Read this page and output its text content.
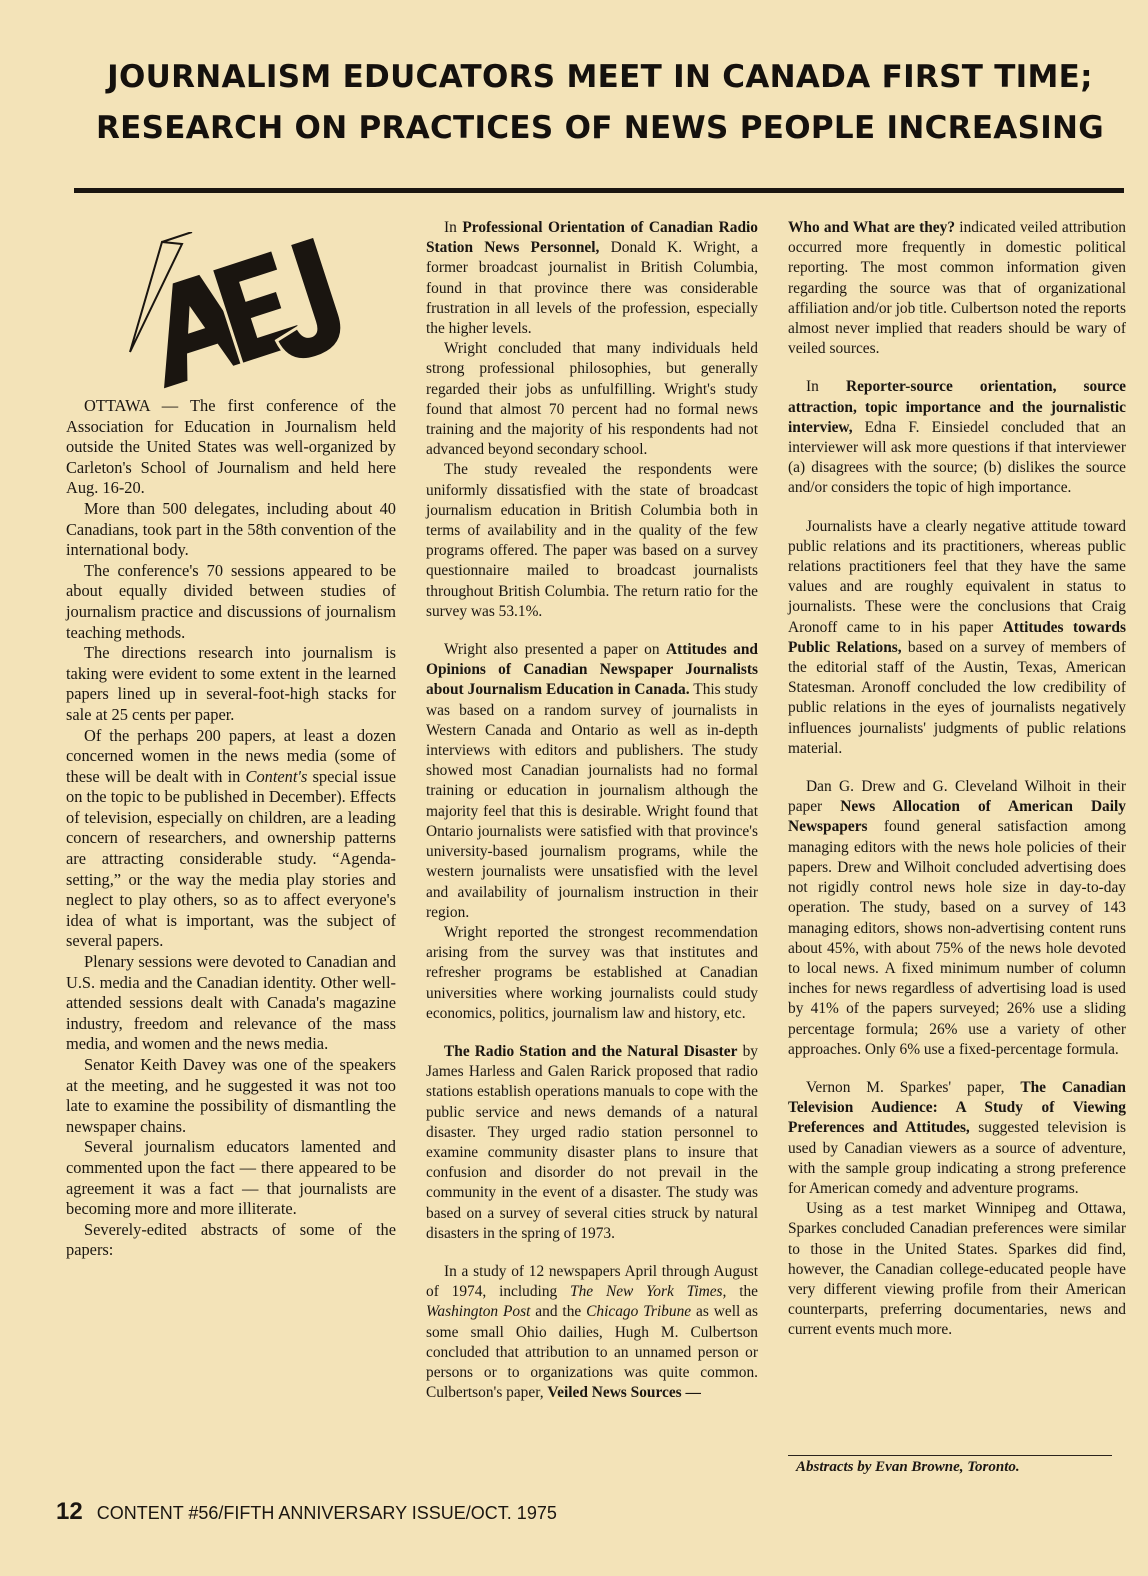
JOURNALISM EDUCATORS MEET IN CANADA FIRST TIME;
RESEARCH ON PRACTICES OF NEWS PEOPLE INCREASING

OTTAWA — The first conference of the Association for Education in Journalism held outside the United States was well-organized by Carleton's School of Journalism and held here Aug. 16-20.

More than 500 delegates, including about 40 Canadians, took part in the 58th convention of the international body.

The conference's 70 sessions appeared to be about equally divided between studies of journalism practice and discussions of journalism teaching methods.

The directions research into journalism is taking were evident to some extent in the learned papers lined up in several-foot-high stacks for sale at 25 cents per paper.

Of the perhaps 200 papers, at least a dozen concerned women in the news media (some of these will be dealt with in Content's special issue on the topic to be published in December). Effects of television, especially on children, are a leading concern of researchers, and ownership patterns are attracting considerable study. “Agenda-setting,” or the way the media play stories and neglect to play others, so as to affect everyone's idea of what is important, was the subject of several papers.

Plenary sessions were devoted to Canadian and U.S. media and the Canadian identity. Other well-attended sessions dealt with Canada's magazine industry, freedom and relevance of the mass media, and women and the news media.

Senator Keith Davey was one of the speakers at the meeting, and he suggested it was not too late to examine the possibility of dismantling the newspaper chains.

Several journalism educators lamented and commented upon the fact — there appeared to be agreement it was a fact — that journalists are becoming more and more illiterate.

Severely-edited abstracts of some of the papers:

In Professional Orientation of Canadian Radio Station News Personnel, Donald K. Wright, a former broadcast journalist in British Columbia, found in that province there was considerable frustration in all levels of the profession, especially the higher levels.

Wright concluded that many individuals held strong professional philosophies, but generally regarded their jobs as unfulfilling. Wright's study found that almost 70 percent had no formal news training and the majority of his respondents had not advanced beyond secondary school.

The study revealed the respondents were uniformly dissatisfied with the state of broadcast journalism education in British Columbia both in terms of availability and in the quality of the few programs offered. The paper was based on a survey questionnaire mailed to broadcast journalists throughout British Columbia. The return ratio for the survey was 53.1%.

Wright also presented a paper on Attitudes and Opinions of Canadian Newspaper Journalists about Journalism Education in Canada. This study was based on a random survey of journalists in Western Canada and Ontario as well as in-depth interviews with editors and publishers. The study showed most Canadian journalists had no formal training or education in journalism although the majority feel that this is desirable. Wright found that Ontario journalists were satisfied with that province's university-based journalism programs, while the western journalists were unsatisfied with the level and availability of journalism instruction in their region.

Wright reported the strongest recommendation arising from the survey was that institutes and refresher programs be established at Canadian universities where working journalists could study economics, politics, journalism law and history, etc.

The Radio Station and the Natural Disaster by James Harless and Galen Rarick proposed that radio stations establish operations manuals to cope with the public service and news demands of a natural disaster. They urged radio station personnel to examine community disaster plans to insure that confusion and disorder do not prevail in the community in the event of a disaster. The study was based on a survey of several cities struck by natural disasters in the spring of 1973.

In a study of 12 newspapers April through August of 1974, including The New York Times, the Washington Post and the Chicago Tribune as well as some small Ohio dailies, Hugh M. Culbertson concluded that attribution to an unnamed person or persons or to organizations was quite common. Culbertson's paper, Veiled News Sources —

Who and What are they? indicated veiled attribution occurred more frequently in domestic political reporting. The most common information given regarding the source was that of organizational affiliation and/or job title. Culbertson noted the reports almost never implied that readers should be wary of veiled sources.

In Reporter-source orientation, source attraction, topic importance and the journalistic interview, Edna F. Einsiedel concluded that an interviewer will ask more questions if that interviewer (a) disagrees with the source; (b) dislikes the source and/or considers the topic of high importance.

Journalists have a clearly negative attitude toward public relations and its practitioners, whereas public relations practitioners feel that they have the same values and are roughly equivalent in status to journalists. These were the conclusions that Craig Aronoff came to in his paper Attitudes towards Public Relations, based on a survey of members of the editorial staff of the Austin, Texas, American Statesman. Aronoff concluded the low credibility of public relations in the eyes of journalists negatively influences journalists' judgments of public relations material.

Dan G. Drew and G. Cleveland Wilhoit in their paper News Allocation of American Daily Newspapers found general satisfaction among managing editors with the news hole policies of their papers. Drew and Wilhoit concluded advertising does not rigidly control news hole size in day-to-day operation. The study, based on a survey of 143 managing editors, shows non-advertising content runs about 45%, with about 75% of the news hole devoted to local news. A fixed minimum number of column inches for news regardless of advertising load is used by 41% of the papers surveyed; 26% use a sliding percentage formula; 26% use a variety of other approaches. Only 6% use a fixed-percentage formula.

Vernon M. Sparkes' paper, The Canadian Television Audience: A Study of Viewing Preferences and Attitudes, suggested television is used by Canadian viewers as a source of adventure, with the sample group indicating a strong preference for American comedy and adventure programs.

Using as a test market Winnipeg and Ottawa, Sparkes concluded Canadian preferences were similar to those in the United States. Sparkes did find, however, the Canadian college-educated people have very different viewing profile from their American counterparts, preferring documentaries, news and current events much more.

Abstracts by Evan Browne, Toronto.
12 CONTENT #56/FIFTH ANNIVERSARY ISSUE/OCT. 1975
